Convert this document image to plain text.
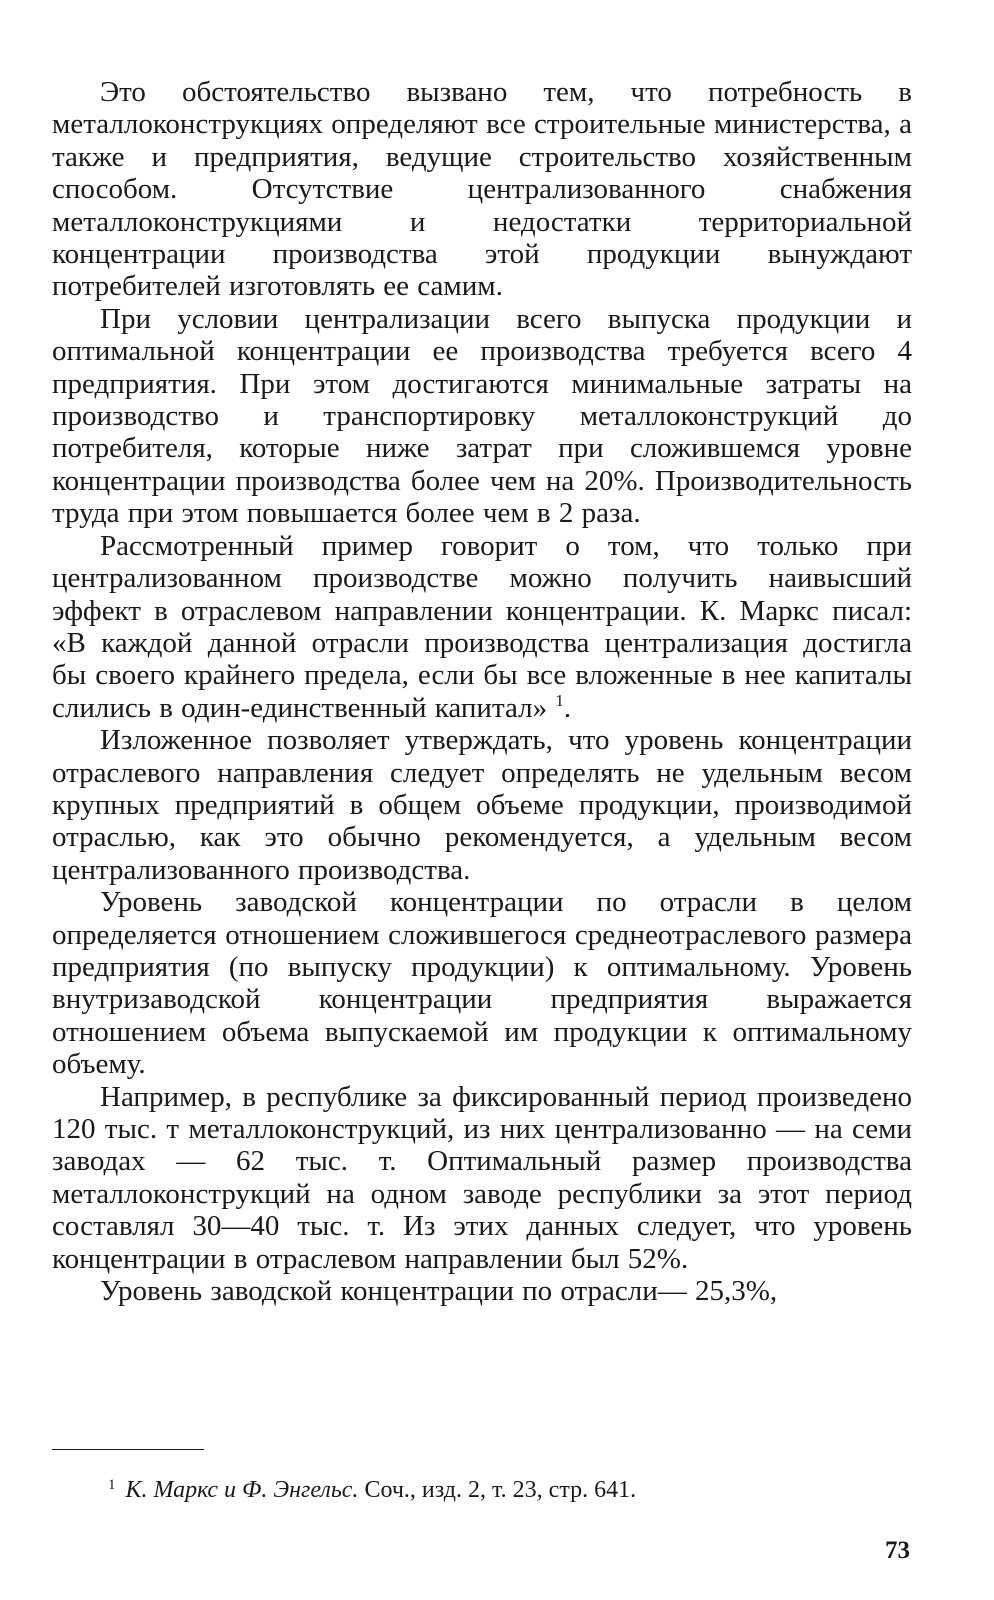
Это обстоятельство вызвано тем, что потребность в металлоконструкциях определяют все строительные министерства, а также и предприятия, ведущие строительство хозяйственным способом. Отсутствие централизованного снабжения металлоконструкциями и недостатки территориальной концентрации производства этой продукции вынуждают потребителей изготовлять ее самим.

При условии централизации всего выпуска продукции и оптимальной концентрации ее производства требуется всего 4 предприятия. При этом достигаются минимальные затраты на производство и транспортировку металлоконструкций до потребителя, которые ниже затрат при сложившемся уровне концентрации производства более чем на 20%. Производительность труда при этом повышается более чем в 2 раза.

Рассмотренный пример говорит о том, что только при централизованном производстве можно получить наивысший эффект в отраслевом направлении концентрации. К. Маркс писал: «В каждой данной отрасли производства централизация достигла бы своего крайнего предела, если бы все вложенные в нее капиталы слились в один-единственный капитал» $^1$.

Изложенное позволяет утверждать, что уровень концентрации отраслевого направления следует определять не удельным весом крупных предприятий в общем объеме продукции, производимой отраслью, как это обычно рекомендуется, а удельным весом централизованного производства.

Уровень заводской концентрации по отрасли в целом определяется отношением сложившегося среднеотраслевого размера предприятия (по выпуску продукции) к оптимальному. Уровень внутризаводской концентрации предприятия выражается отношением объема выпускаемой им продукции к оптимальному объему.

Например, в республике за фиксированный период произведено 120 тыс. т металлоконструкций, из них централизованно — на семи заводах — 62 тыс. т. Оптимальный размер производства металлоконструкций на одном заводе республики за этот период составлял 30—40 тыс. т. Из этих данных следует, что уровень концентрации в отраслевом направлении был 52%.

Уровень заводской концентрации по отрасли— 25,3%,

$^1$ К. Маркс и Ф. Энгельс. Соч., изд. 2, т. 23, стр. 641.
73
